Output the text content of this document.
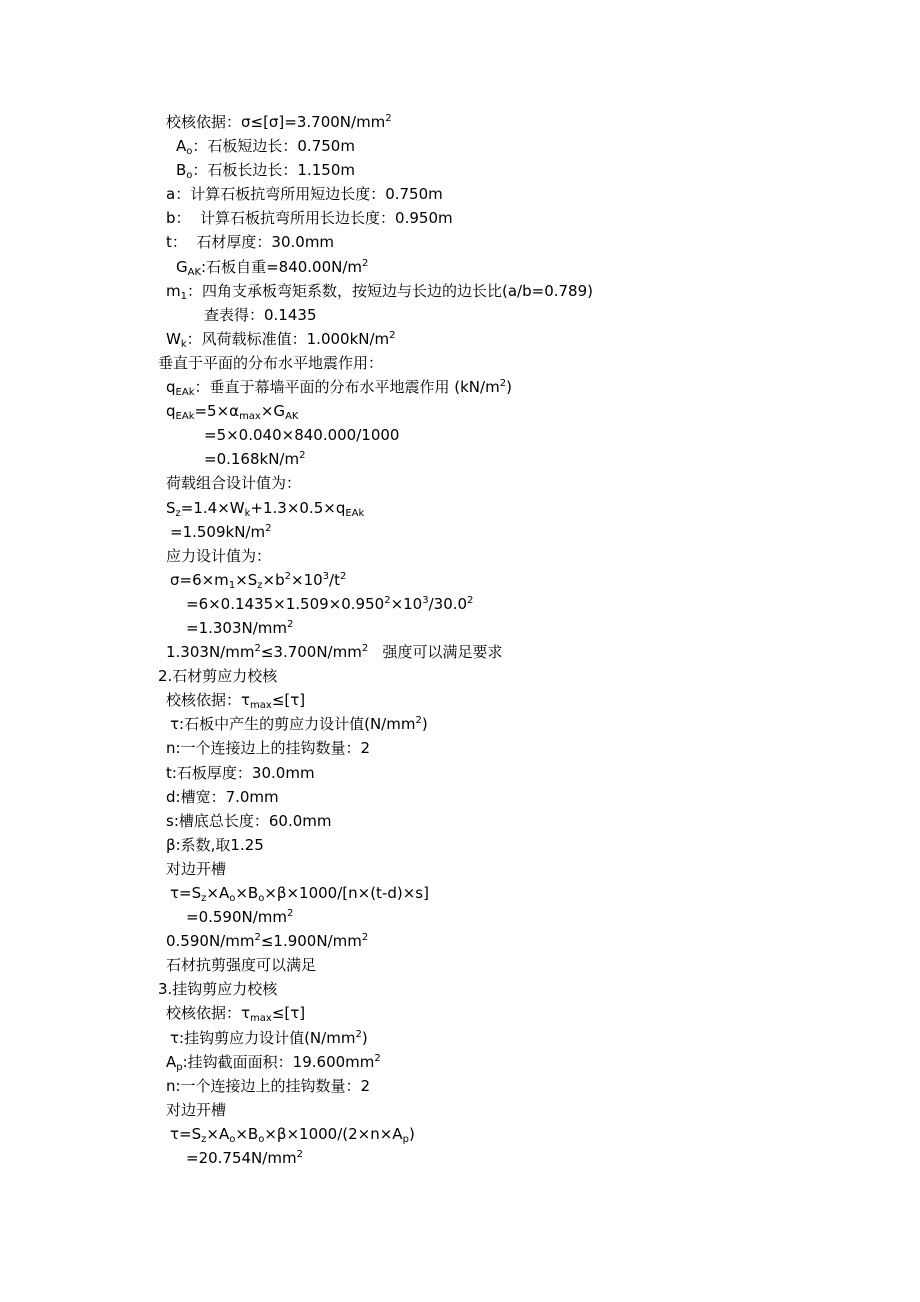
校核依据：$\sigma\le[\sigma]=3.700N/mm^2$
$A_o$：石板短边长：0.750m
$B_o$：石板长边长：1.150m
a：计算石板抗弯所用短边长度：0.750m
b：  计算石板抗弯所用长边长度：0.950m
t：  石材厚度：30.0mm
$G_{AK}$:石板自重$=840.00N/m^2$
$m_1$：四角支承板弯矩系数，按短边与长边的边长比(a/b=0.789)
查表得：0.1435
$W_k$：风荷载标准值：$1.000kN/m^2$
垂直于平面的分布水平地震作用：
$q_{EAk}$：垂直于幕墙平面的分布水平地震作用 $(kN/m^2)$
$q_{EAk}=5\times\alpha_{max}\times G_{AK}$
=5×0.040×840.000/1000
$=0.168kN/m^2$
荷载组合设计值为：
$S_z=1.4\times W_k+1.3\times 0.5\times q_{EAk}$
$=1.509kN/m^2$
应力设计值为：
$\sigma=6\times m_1\times S_z\times b^2\times 10^3/t^2$
$=6\times 0.1435\times 1.509\times 0.950^2\times 10^3/30.0^2$
$=1.303N/mm^2$
$1.303N/mm^2\le 3.700N/mm^2$   强度可以满足要求
2.石材剪应力校核
校核依据：$\tau_{max}\le[\tau]$
τ:石板中产生的剪应力设计值$(N/mm^2)$
n:一个连接边上的挂钩数量：2
t:石板厚度：30.0mm
d:槽宽：7.0mm
s:槽底总长度：60.0mm
β:系数,取1.25
对边开槽
$\tau=S_z\times A_o\times B_o\times\beta\times 1000/[n\times(t-d)\times s]$
$=0.590N/mm^2$
$0.590N/mm^2\le 1.900N/mm^2$
石材抗剪强度可以满足
3.挂钩剪应力校核
校核依据：$\tau_{max}\le[\tau]$
τ:挂钩剪应力设计值$(N/mm^2)$
$A_p$:挂钩截面面积：$19.600mm^2$
n:一个连接边上的挂钩数量：2
对边开槽
$\tau=S_z\times A_o\times B_o\times\beta\times 1000/(2\times n\times A_p)$
$=20.754N/mm^2$
